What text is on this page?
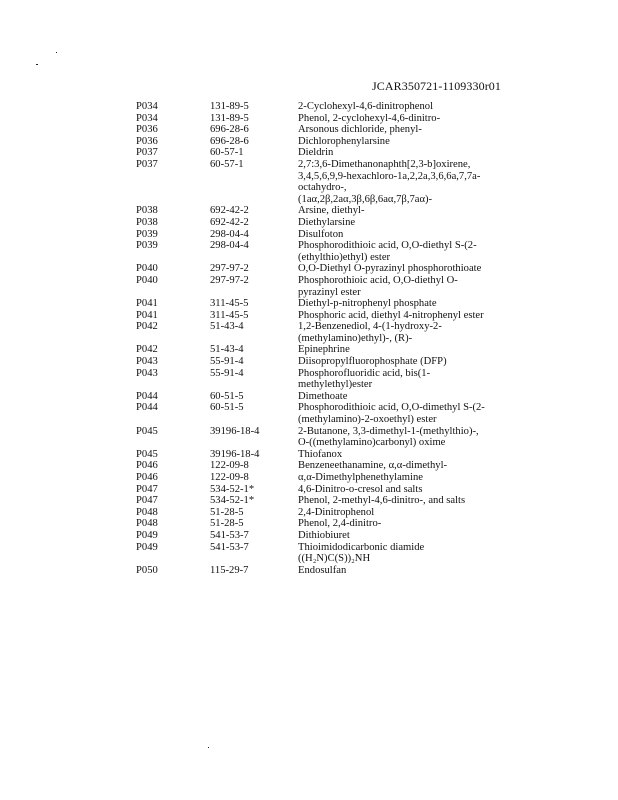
JCAR350721-1109330r01
P034	131-89-5	2-Cyclohexyl-4,6-dinitrophenol
P034	131-89-5	Phenol, 2-cyclohexyl-4,6-dinitro-
P036	696-28-6	Arsonous dichloride, phenyl-
P036	696-28-6	Dichlorophenylarsine
P037	60-57-1	Dieldrin
P037	60-57-1	2,7:3,6-Dimethanonaphth[2,3-b]oxirene,
3,4,5,6,9,9-hexachloro-1a,2,2a,3,6,6a,7,7a-
octahydro-,
(1aα,2β,2aα,3β,6β,6aα,7β,7aα)-
P038	692-42-2	Arsine, diethyl-
P038	692-42-2	Diethylarsine
P039	298-04-4	Disulfoton
P039	298-04-4	Phosphorodithioic acid, O,O-diethyl S-(2-
(ethylthio)ethyl) ester
P040	297-97-2	O,O-Diethyl O-pyrazinyl phosphorothioate
P040	297-97-2	Phosphorothioic acid, O,O-diethyl O-
pyrazinyl ester
P041	311-45-5	Diethyl-p-nitrophenyl phosphate
P041	311-45-5	Phosphoric acid, diethyl 4-nitrophenyl ester
P042	51-43-4	1,2-Benzenediol, 4-(1-hydroxy-2-
(methylamino)ethyl)-, (R)-
P042	51-43-4	Epinephrine
P043	55-91-4	Diisopropylfluorophosphate (DFP)
P043	55-91-4	Phosphorofluoridic acid, bis(1-
methylethyl)ester
P044	60-51-5	Dimethoate
P044	60-51-5	Phosphorodithioic acid, O,O-dimethyl S-(2-
(methylamino)-2-oxoethyl) ester
P045	39196-18-4	2-Butanone, 3,3-dimethyl-1-(methylthio)-,
O-((methylamino)carbonyl) oxime
P045	39196-18-4	Thiofanox
P046	122-09-8	Benzeneethanamine, α,α-dimethyl-
P046	122-09-8	α,α-Dimethylphenethylamine
P047	534-52-1*	4,6-Dinitro-o-cresol and salts
P047	534-52-1*	Phenol, 2-methyl-4,6-dinitro-, and salts
P048	51-28-5	2,4-Dinitrophenol
P048	51-28-5	Phenol, 2,4-dinitro-
P049	541-53-7	Dithiobiuret
P049	541-53-7	Thioimidodicarbonic diamide
((H₂N)C(S))₂NH
P050	115-29-7	Endosulfan
